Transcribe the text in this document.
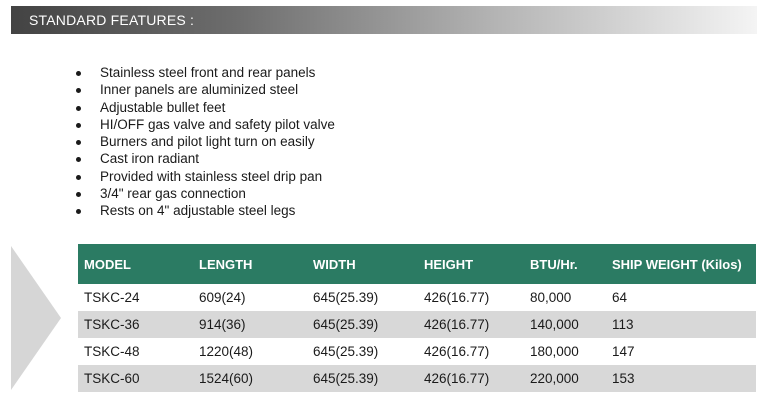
STANDARD FEATURES :
Stainless steel front and rear panels
Inner panels are aluminized steel
Adjustable bullet feet
HI/OFF gas valve and safety pilot valve
Burners and pilot light turn on easily
Cast iron radiant
Provided with stainless steel drip pan
3/4" rear gas connection
Rests on 4" adjustable steel legs
MODEL	LENGTH	WIDTH	HEIGHT	BTU/Hr.	SHIP WEIGHT (Kilos)
TSKC-24	609(24)	645(25.39)	426(16.77)	80,000	64
TSKC-36	914(36)	645(25.39)	426(16.77)	140,000	113
TSKC-48	1220(48)	645(25.39)	426(16.77)	180,000	147
TSKC-60	1524(60)	645(25.39)	426(16.77)	220,000	153
